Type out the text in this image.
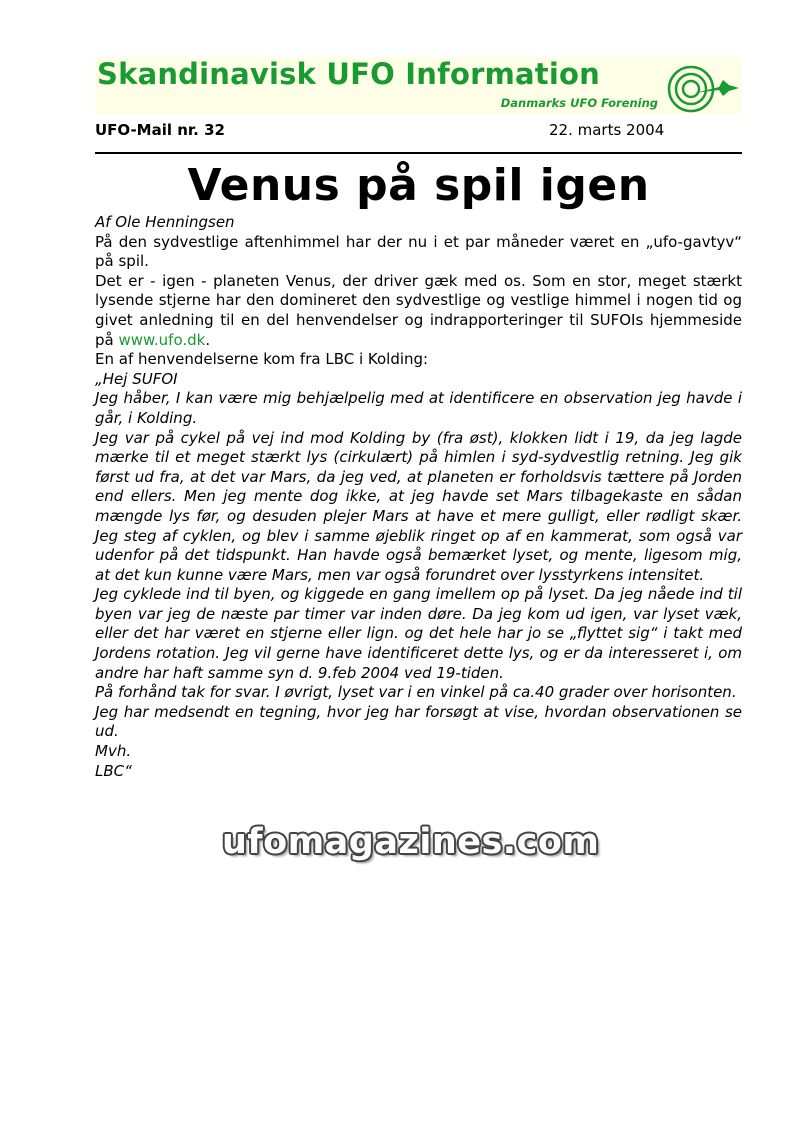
Skandinavisk UFO Information
Danmarks UFO Forening
UFO-Mail nr. 32	22. marts 2004
Venus på spil igen

Af Ole Henningsen

På den sydvestlige aftenhimmel har der nu i et par måneder været en „ufo-gavtyv“ på spil.

Det er - igen - planeten Venus, der driver gæk med os. Som en stor, meget stærkt lysende stjerne har den domineret den sydvestlige og vestlige himmel i nogen tid og givet anledning til en del henvendelser og indrapporteringer til SUFOIs hjemmeside på www.ufo.dk.

En af henvendelserne kom fra LBC i Kolding:

„Hej SUFOI

Jeg håber, I kan være mig behjælpelig med at identificere en observation jeg havde i går, i Kolding.

Jeg var på cykel på vej ind mod Kolding by (fra øst), klokken lidt i 19, da jeg lagde mærke til et meget stærkt lys (cirkulært) på himlen i syd-sydvestlig retning. Jeg gik først ud fra, at det var Mars, da jeg ved, at planeten er forholdsvis tættere på Jorden end ellers. Men jeg mente dog ikke, at jeg havde set Mars tilbagekaste en sådan mængde lys før, og desuden plejer Mars at have et mere gulligt, eller rødligt skær. Jeg steg af cyklen, og blev i samme øjeblik ringet op af en kammerat, som også var udenfor på det tidspunkt. Han havde også bemærket lyset, og mente, ligesom mig, at det kun kunne være Mars, men var også forundret over lysstyrkens intensitet.

Jeg cyklede ind til byen, og kiggede en gang imellem op på lyset. Da jeg nåede ind til byen var jeg de næste par timer var inden døre. Da jeg kom ud igen, var lyset væk, eller det har været en stjerne eller lign. og det hele har jo se „flyttet sig“ i takt med Jordens rotation. Jeg vil gerne have identificeret dette lys, og er da interesseret i, om andre har haft samme syn d. 9.feb 2004 ved 19-tiden.

På forhånd tak for svar. I øvrigt, lyset var i en vinkel på ca.40 grader over horisonten.

Jeg har medsendt en tegning, hvor jeg har forsøgt at vise, hvordan observationen se ud.

Mvh.

LBC“

ufomagazines.com
